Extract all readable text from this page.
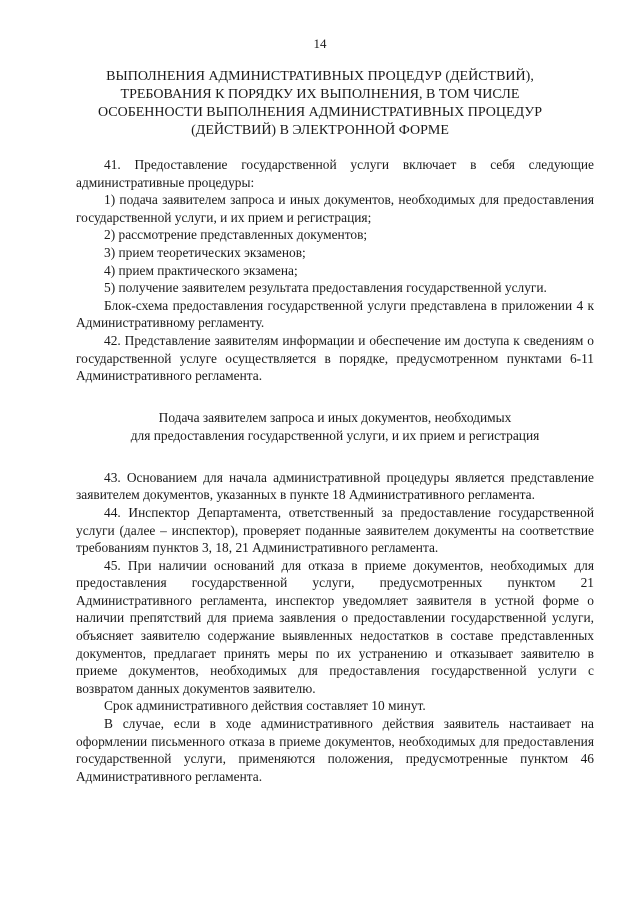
14
ВЫПОЛНЕНИЯ АДМИНИСТРАТИВНЫХ ПРОЦЕДУР (ДЕЙСТВИЙ),
ТРЕБОВАНИЯ К ПОРЯДКУ ИХ ВЫПОЛНЕНИЯ, В ТОМ ЧИСЛЕ
ОСОБЕННОСТИ ВЫПОЛНЕНИЯ АДМИНИСТРАТИВНЫХ ПРОЦЕДУР
(ДЕЙСТВИЙ) В ЭЛЕКТРОННОЙ ФОРМЕ

41. Предоставление государственной услуги включает в себя следующие административные процедуры:

1) подача заявителем запроса и иных документов, необходимых для предоставления государственной услуги, и их прием и регистрация;

2) рассмотрение представленных документов;

3) прием теоретических экзаменов;

4) прием практического экзамена;

5) получение заявителем результата предоставления государственной услуги.

Блок-схема предоставления государственной услуги представлена в приложении 4 к Административному регламенту.

42. Представление заявителям информации и обеспечение им доступа к сведениям о государственной услуге осуществляется в порядке, предусмотренном пунктами 6-11 Административного регламента.

Подача заявителем запроса и иных документов, необходимых
для предоставления государственной услуги, и их прием и регистрация

43. Основанием для начала административной процедуры является представление заявителем документов, указанных в пункте 18 Административного регламента.

44. Инспектор Департамента, ответственный за предоставление государственной услуги (далее – инспектор), проверяет поданные заявителем документы на соответствие требованиям пунктов 3, 18, 21 Административного регламента.

45. При наличии оснований для отказа в приеме документов, необходимых для предоставления государственной услуги, предусмотренных пунктом 21 Административного регламента, инспектор уведомляет заявителя в устной форме о наличии препятствий для приема заявления о предоставлении государственной услуги, объясняет заявителю содержание выявленных недостатков в составе представленных документов, предлагает принять меры по их устранению и отказывает заявителю в приеме документов, необходимых для предоставления государственной услуги с возвратом данных документов заявителю.

Срок административного действия составляет 10 минут.

В случае, если в ходе административного действия заявитель настаивает на оформлении письменного отказа в приеме документов, необходимых для предоставления государственной услуги, применяются положения, предусмотренные пунктом 46 Административного регламента.
